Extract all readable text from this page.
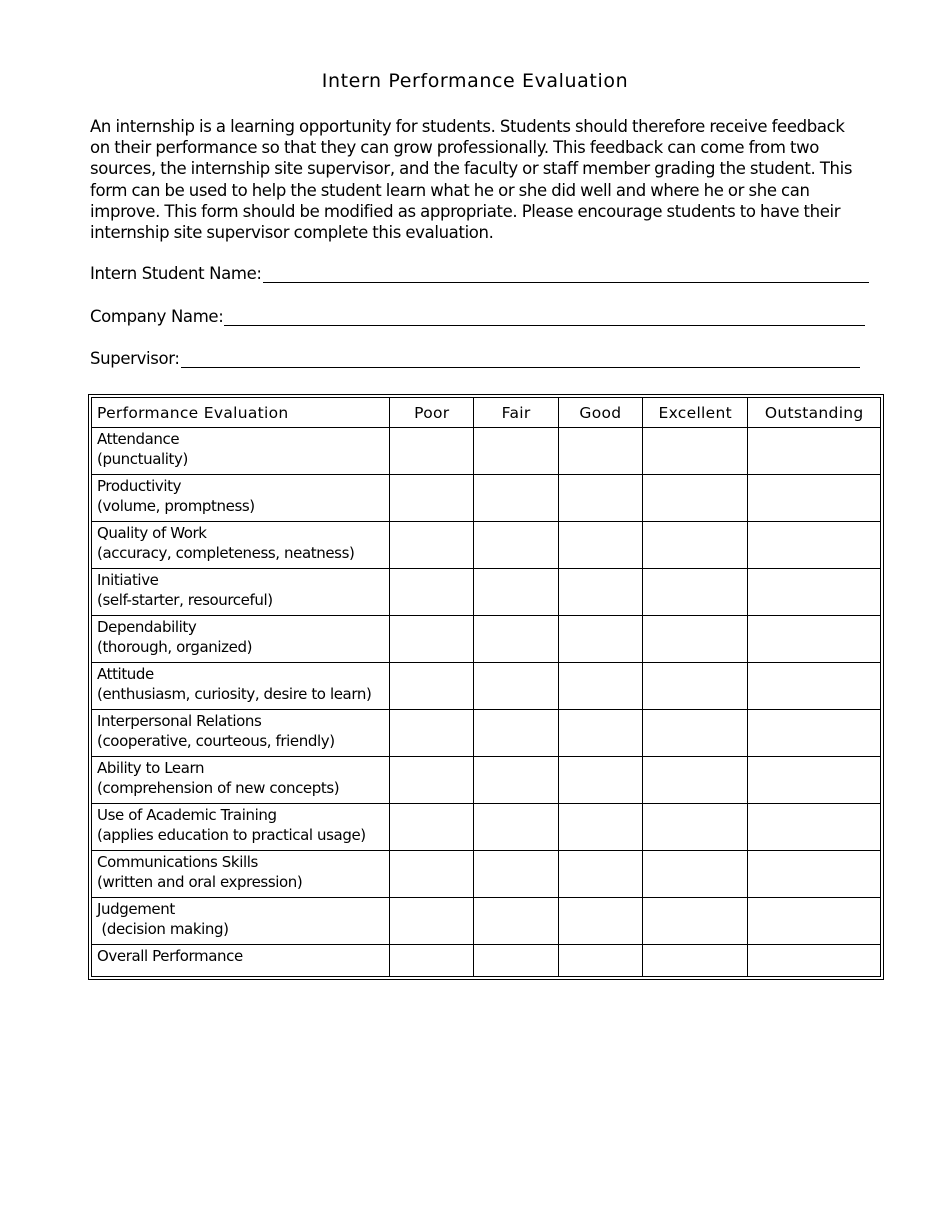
Intern Performance Evaluation
An internship is a learning opportunity for students. Students should therefore receive feedback on their performance so that they can grow professionally. This feedback can come from two sources, the internship site supervisor, and the faculty or staff member grading the student. This form can be used to help the student learn what he or she did well and where he or she can improve. This form should be modified as appropriate. Please encourage students to have their internship site supervisor complete this evaluation.
Intern Student Name:
Company Name:
Supervisor:
Performance Evaluation	Poor	Fair	Good	Excellent	Outstanding

Attendance
(punctuality)					

Productivity
(volume, promptness)					

Quality of Work
(accuracy, completeness, neatness)					

Initiative
(self-starter, resourceful)					

Dependability
(thorough, organized)					

Attitude
(enthusiasm, curiosity, desire to learn)					

Interpersonal Relations
(cooperative, courteous, friendly)					

Ability to Learn
(comprehension of new concepts)					

Use of Academic Training
(applies education to practical usage)					

Communications Skills
(written and oral expression)					

Judgement
(decision making)					

Overall Performance					
